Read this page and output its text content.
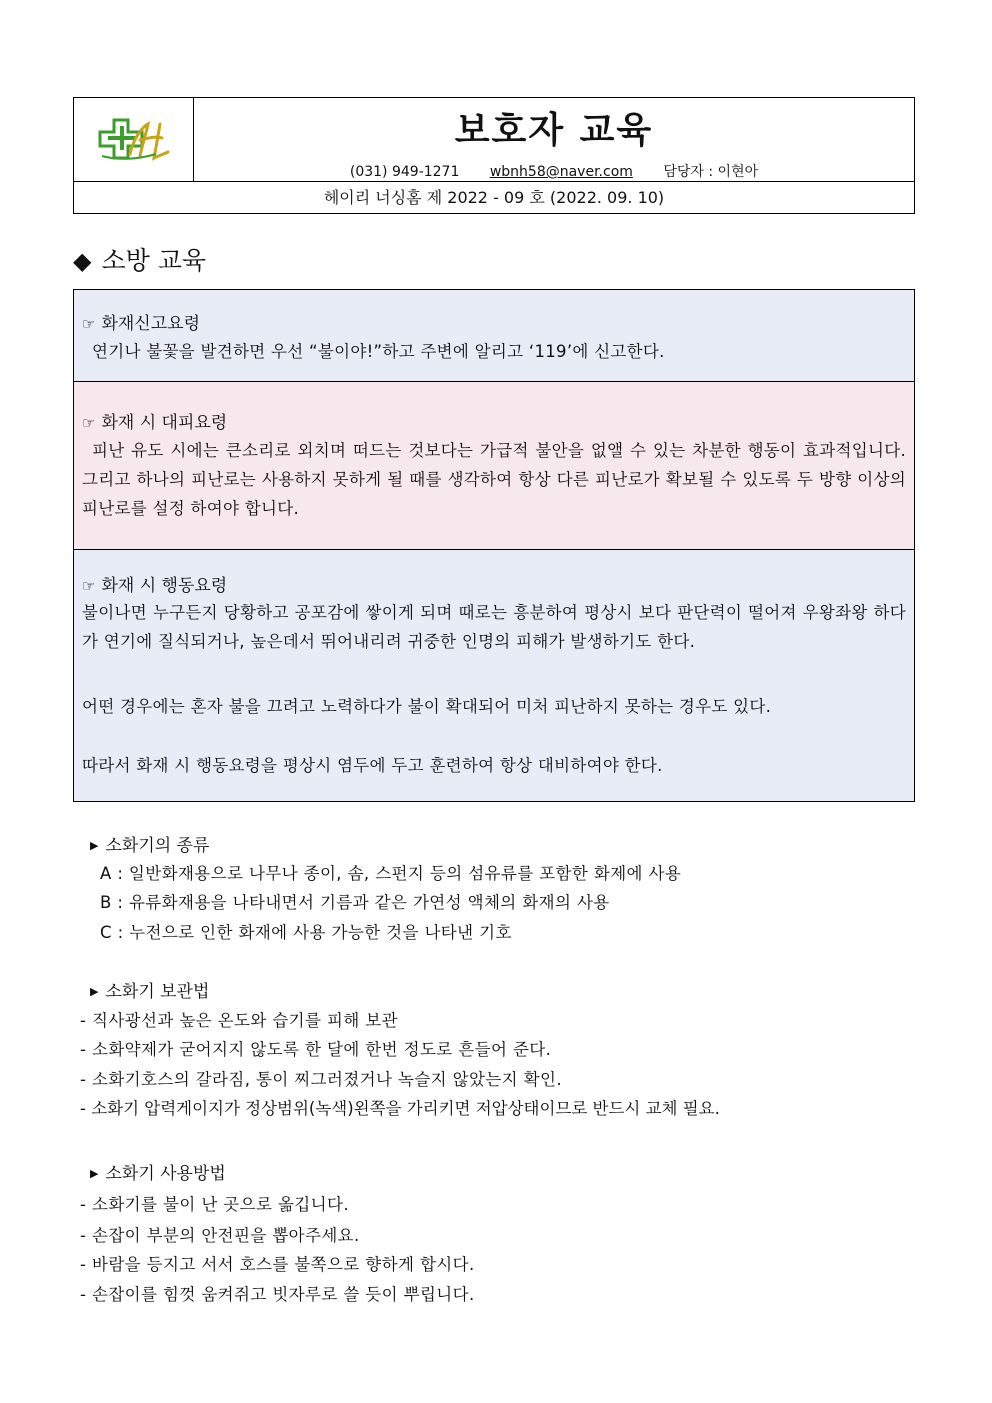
보호자 교육
(031) 949-1271 wbnh58@naver.com 담당자 : 이현아
헤이리 너싱홈 제 2022 - 09 호 (2022. 09. 10)
◆ 소방 교육
☞ 화재신고요령
연기나 불꽃을 발견하면 우선 “불이야!”하고 주변에 알리고 ‘119’에 신고한다.
☞ 화재 시 대피요령
피난 유도 시에는 큰소리로 외치며 떠드는 것보다는 가급적 불안을 없앨 수 있는 차분한 행동이 효과적입니다. 그리고 하나의 피난로는 사용하지 못하게 될 때를 생각하여 항상 다른 피난로가 확보될 수 있도록 두 방향 이상의 피난로를 설정 하여야 합니다.
☞ 화재 시 행동요령
불이나면 누구든지 당황하고 공포감에 쌓이게 되며 때로는 흥분하여 평상시 보다 판단력이 떨어져 우왕좌왕 하다가 연기에 질식되거나, 높은데서 뛰어내리려 귀중한 인명의 피해가 발생하기도 한다.
어떤 경우에는 혼자 불을 끄려고 노력하다가 불이 확대되어 미처 피난하지 못하는 경우도 있다.
따라서 화재 시 행동요령을 평상시 염두에 두고 훈련하여 항상 대비하여야 한다.
▶ 소화기의 종류
A : 일반화재용으로 나무나 종이, 솜, 스펀지 등의 섬유류를 포함한 화제에 사용
B : 유류화재용을 나타내면서 기름과 같은 가연성 액체의 화재의 사용
C : 누전으로 인한 화재에 사용 가능한 것을 나타낸 기호
▶ 소화기 보관법
- 직사광선과 높은 온도와 습기를 피해 보관
- 소화약제가 굳어지지 않도록 한 달에 한번 정도로 흔들어 준다.
- 소화기호스의 갈라짐, 통이 찌그러졌거나 녹슬지 않았는지 확인.
- 소화기 압력게이지가 정상범위(녹색)왼쪽을 가리키면 저압상태이므로 반드시 교체 필요.
▶ 소화기 사용방법
- 소화기를 불이 난 곳으로 옮깁니다.
- 손잡이 부분의 안전핀을 뽑아주세요.
- 바람을 등지고 서서 호스를 불쪽으로 향하게 합시다.
- 손잡이를 힘껏 움켜쥐고 빗자루로 쓸 듯이 뿌립니다.
